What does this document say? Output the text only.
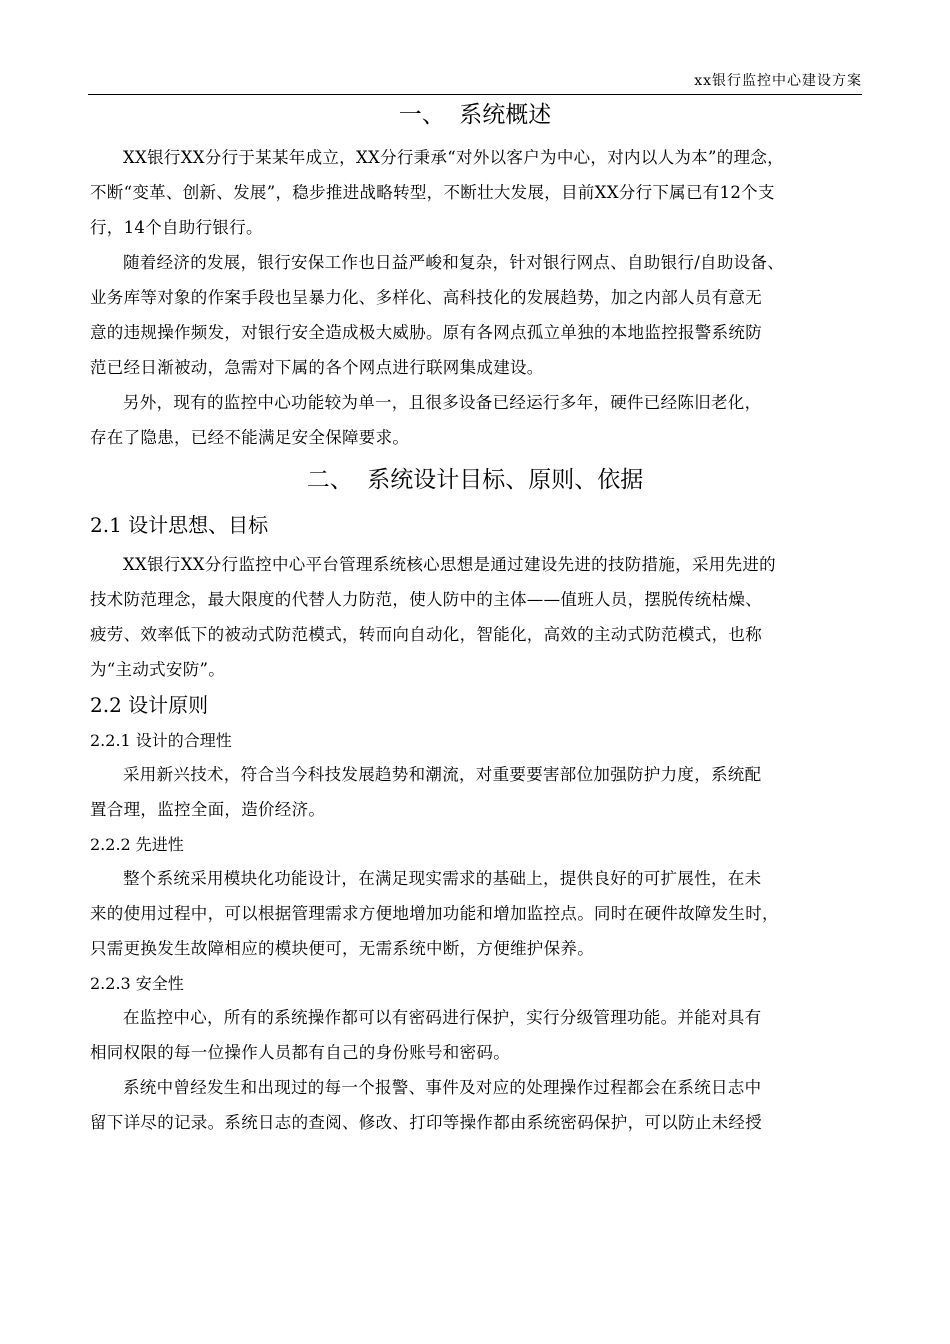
xx银行监控中心建设方案
一、  系统概述

XX银行XX分行于某某年成立，XX分行秉承“对外以客户为中心，对内以人为本”的理念，
不断“变革、创新、发展”，稳步推进战略转型，不断壮大发展，目前XX分行下属已有12个支
行，14个自助行银行。

随着经济的发展，银行安保工作也日益严峻和复杂，针对银行网点、自助银行/自助设备、
业务库等对象的作案手段也呈暴力化、多样化、高科技化的发展趋势，加之内部人员有意无
意的违规操作频发，对银行安全造成极大威胁。原有各网点孤立单独的本地监控报警系统防
范已经日渐被动，急需对下属的各个网点进行联网集成建设。

另外，现有的监控中心功能较为单一，且很多设备已经运行多年，硬件已经陈旧老化，
存在了隐患，已经不能满足安全保障要求。

二、  系统设计目标、原则、依据
2.1 设计思想、目标

XX银行XX分行监控中心平台管理系统核心思想是通过建设先进的技防措施，采用先进的
技术防范理念，最大限度的代替人力防范，使人防中的主体——值班人员，摆脱传统枯燥、
疲劳、效率低下的被动式防范模式，转而向自动化，智能化，高效的主动式防范模式，也称
为“主动式安防”。

2.2 设计原则
2.2.1 设计的合理性

采用新兴技术，符合当今科技发展趋势和潮流，对重要要害部位加强防护力度，系统配
置合理，监控全面，造价经济。

2.2.2 先进性

整个系统采用模块化功能设计，在满足现实需求的基础上，提供良好的可扩展性，在未
来的使用过程中，可以根据管理需求方便地增加功能和增加监控点。同时在硬件故障发生时，
只需更换发生故障相应的模块便可，无需系统中断，方便维护保养。

2.2.3 安全性

在监控中心，所有的系统操作都可以有密码进行保护，实行分级管理功能。并能对具有
相同权限的每一位操作人员都有自己的身份账号和密码。

系统中曾经发生和出现过的每一个报警、事件及对应的处理操作过程都会在系统日志中
留下详尽的记录。系统日志的查阅、修改、打印等操作都由系统密码保护，可以防止未经授
